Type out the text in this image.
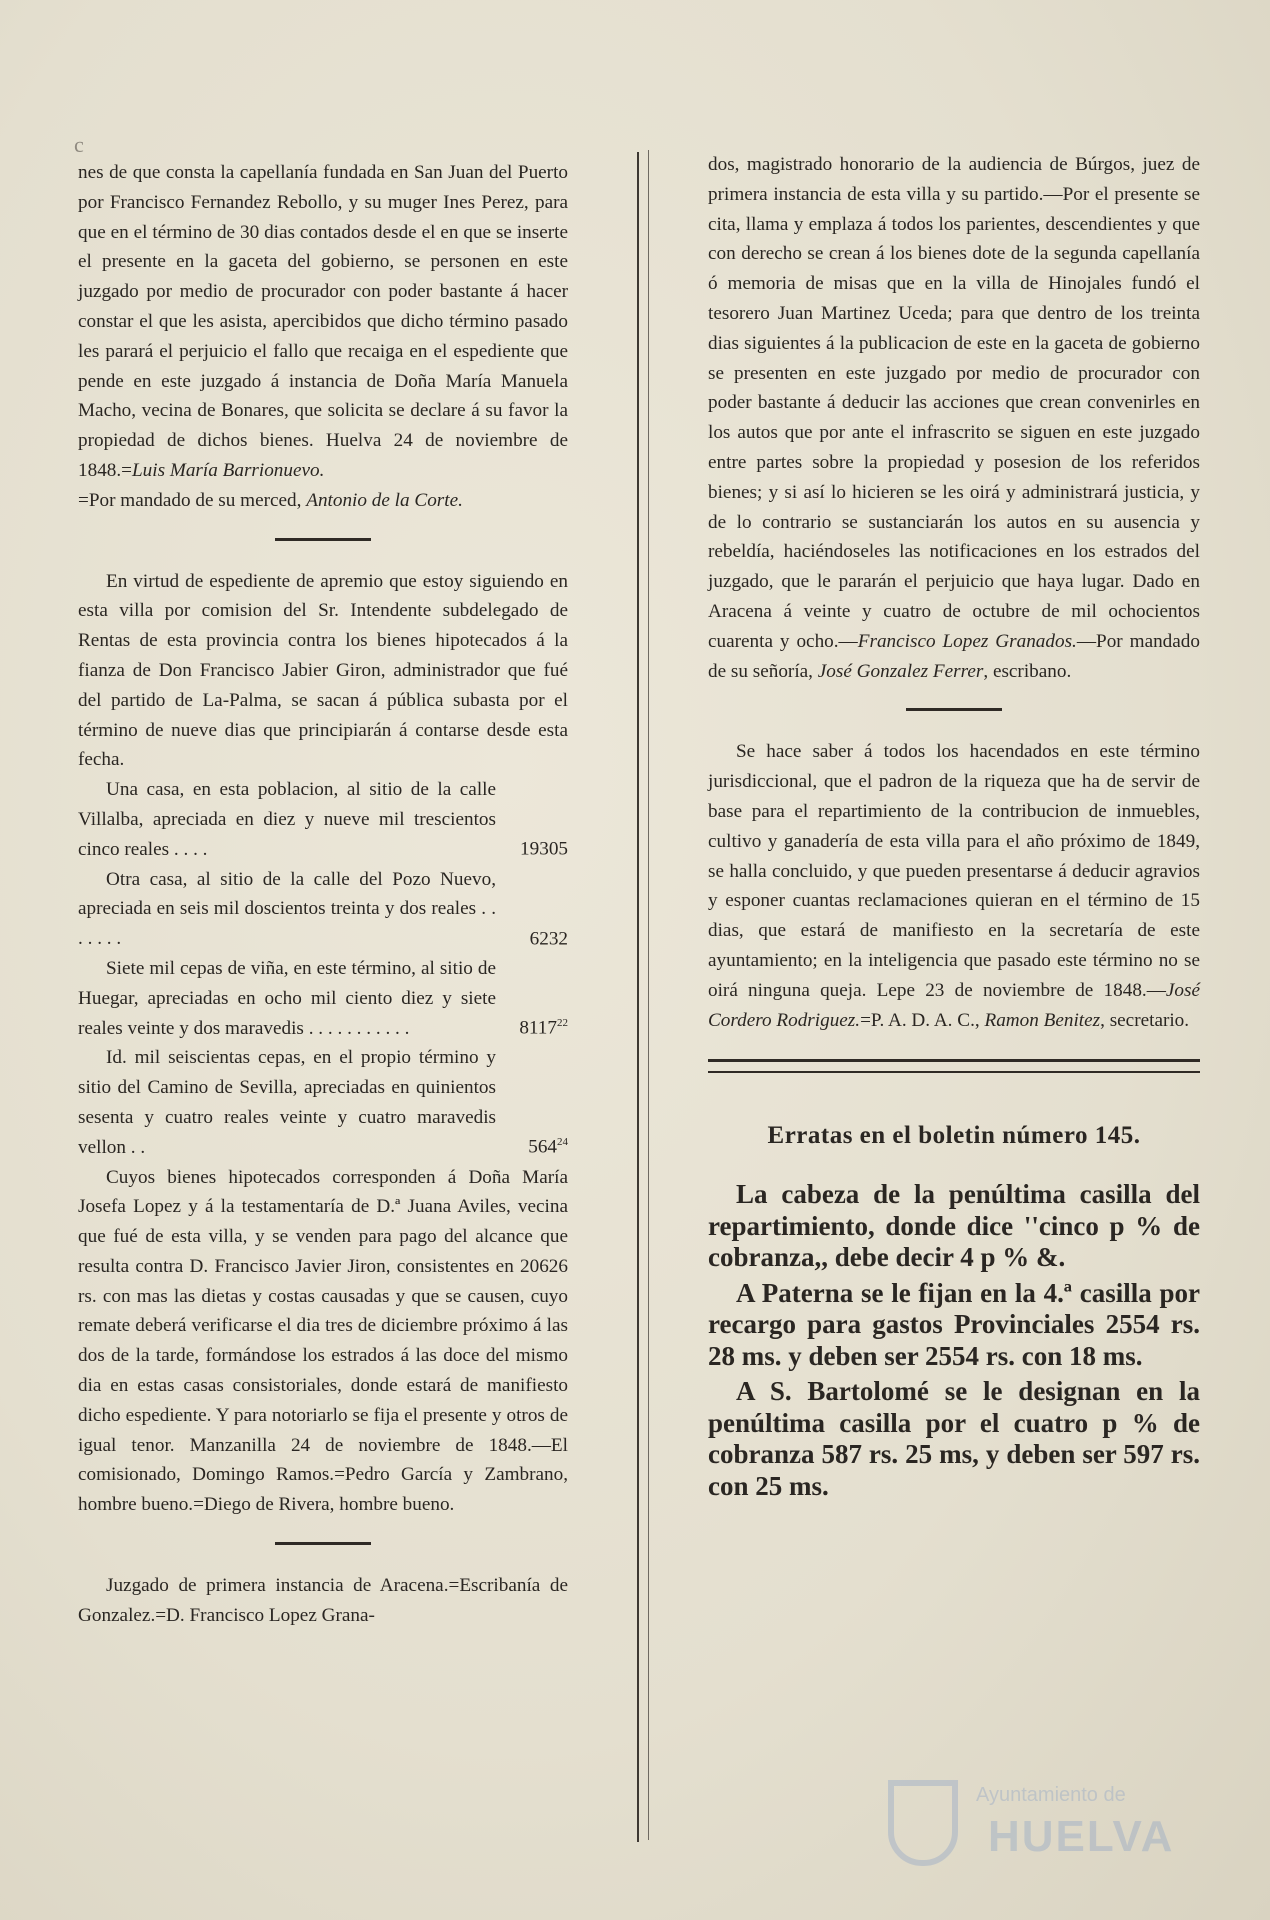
c

nes de que consta la capellanía fundada en San Juan del Puerto por Francisco Fernandez Rebollo, y su muger Ines Perez, para que en el término de 30 dias contados desde el en que se inserte el presente en la gaceta del gobierno, se personen en este juzgado por medio de procurador con poder bastante á hacer constar el que les asista, apercibidos que dicho término pasado les parará el perjuicio el fallo que recaiga en el espediente que pende en este juzgado á instancia de Doña María Manuela Macho, vecina de Bonares, que solicita se declare á su favor la propiedad de dichos bienes. Huelva 24 de noviembre de 1848.=Luis María Barrionuevo.
=Por mandado de su merced, Antonio de la Corte.

En virtud de espediente de apremio que estoy siguiendo en esta villa por comision del Sr. Intendente subdelegado de Rentas de esta provincia contra los bienes hipotecados á la fianza de Don Francisco Jabier Giron, administrador que fué del partido de La-Palma, se sacan á pública subasta por el término de nueve dias que principiarán á contarse desde esta fecha.

Una casa, en esta poblacion, al sitio de la calle Villalba, apreciada en diez y nueve mil trescientos cinco reales . . . .	19305

Otra casa, al sitio de la calle del Pozo Nuevo, apreciada en seis mil doscientos treinta y dos reales . . . . . . .	6232

Siete mil cepas de viña, en este término, al sitio de Huegar, apreciadas en ocho mil ciento diez y siete reales veinte y dos maravedis . . . . . . . . . . .	8117$^{22}$

Id. mil seiscientas cepas, en el propio término y sitio del Camino de Sevilla, apreciadas en quinientos sesenta y cuatro reales veinte y cuatro maravedis vellon . .	$564^{24}$

Cuyos bienes hipotecados corresponden á Doña María Josefa Lopez y á la testamentaría de D.ª Juana Aviles, vecina que fué de esta villa, y se venden para pago del alcance que resulta contra D. Francisco Javier Jiron, consistentes en 20626 rs. con mas las dietas y costas causadas y que se causen, cuyo remate deberá verificarse el dia tres de diciembre próximo á las dos de la tarde, formándose los estrados á las doce del mismo dia en estas casas consistoriales, donde estará de manifiesto dicho espediente. Y para notoriarlo se fija el presente y otros de igual tenor. Manzanilla 24 de noviembre de 1848.—El comisionado, Domingo Ramos.=Pedro García y Zambrano, hombre bueno.=Diego de Rivera, hombre bueno.

Juzgado de primera instancia de Aracena.=Escribanía de Gonzalez.=D. Francisco Lopez Grana-

dos, magistrado honorario de la audiencia de Búrgos, juez de primera instancia de esta villa y su partido.—Por el presente se cita, llama y emplaza á todos los parientes, descendientes y que con derecho se crean á los bienes dote de la segunda capellanía ó memoria de misas que en la villa de Hinojales fundó el tesorero Juan Martinez Uceda; para que dentro de los treinta dias siguientes á la publicacion de este en la gaceta de gobierno se presenten en este juzgado por medio de procurador con poder bastante á deducir las acciones que crean convenirles en los autos que por ante el infrascrito se siguen en este juzgado entre partes sobre la propiedad y posesion de los referidos bienes; y si así lo hicieren se les oirá y administrará justicia, y de lo contrario se sustanciarán los autos en su ausencia y rebeldía, haciéndoseles las notificaciones en los estrados del juzgado, que le pararán el perjuicio que haya lugar. Dado en Aracena á veinte y cuatro de octubre de mil ochocientos cuarenta y ocho.—Francisco Lopez Granados.—Por mandado de su señoría, José Gonzalez Ferrer, escribano.

Se hace saber á todos los hacendados en este término jurisdiccional, que el padron de la riqueza que ha de servir de base para el repartimiento de la contribucion de inmuebles, cultivo y ganadería de esta villa para el año próximo de 1849, se halla concluido, y que pueden presentarse á deducir agravios y esponer cuantas reclamaciones quieran en el término de 15 dias, que estará de manifiesto en la secretaría de este ayuntamiento; en la inteligencia que pasado este término no se oirá ninguna queja. Lepe 23 de noviembre de 1848.—José Cordero Rodriguez.=P. A. D. A. C., Ramon Benitez, secretario.

Erratas en el boletin número 145.

La cabeza de la penúltima casilla del repartimiento, donde dice ''cinco p % de cobranza,, debe decir 4 p % &.

A Paterna se le fijan en la 4.ª casilla por recargo para gastos Provinciales 2554 rs. 28 ms. y deben ser 2554 rs. con 18 ms.

A S. Bartolomé se le designan en la penúltima casilla por el cuatro p % de cobranza 587 rs. 25 ms, y deben ser 597 rs. con 25 ms.

Ayuntamiento de
HUELVA
